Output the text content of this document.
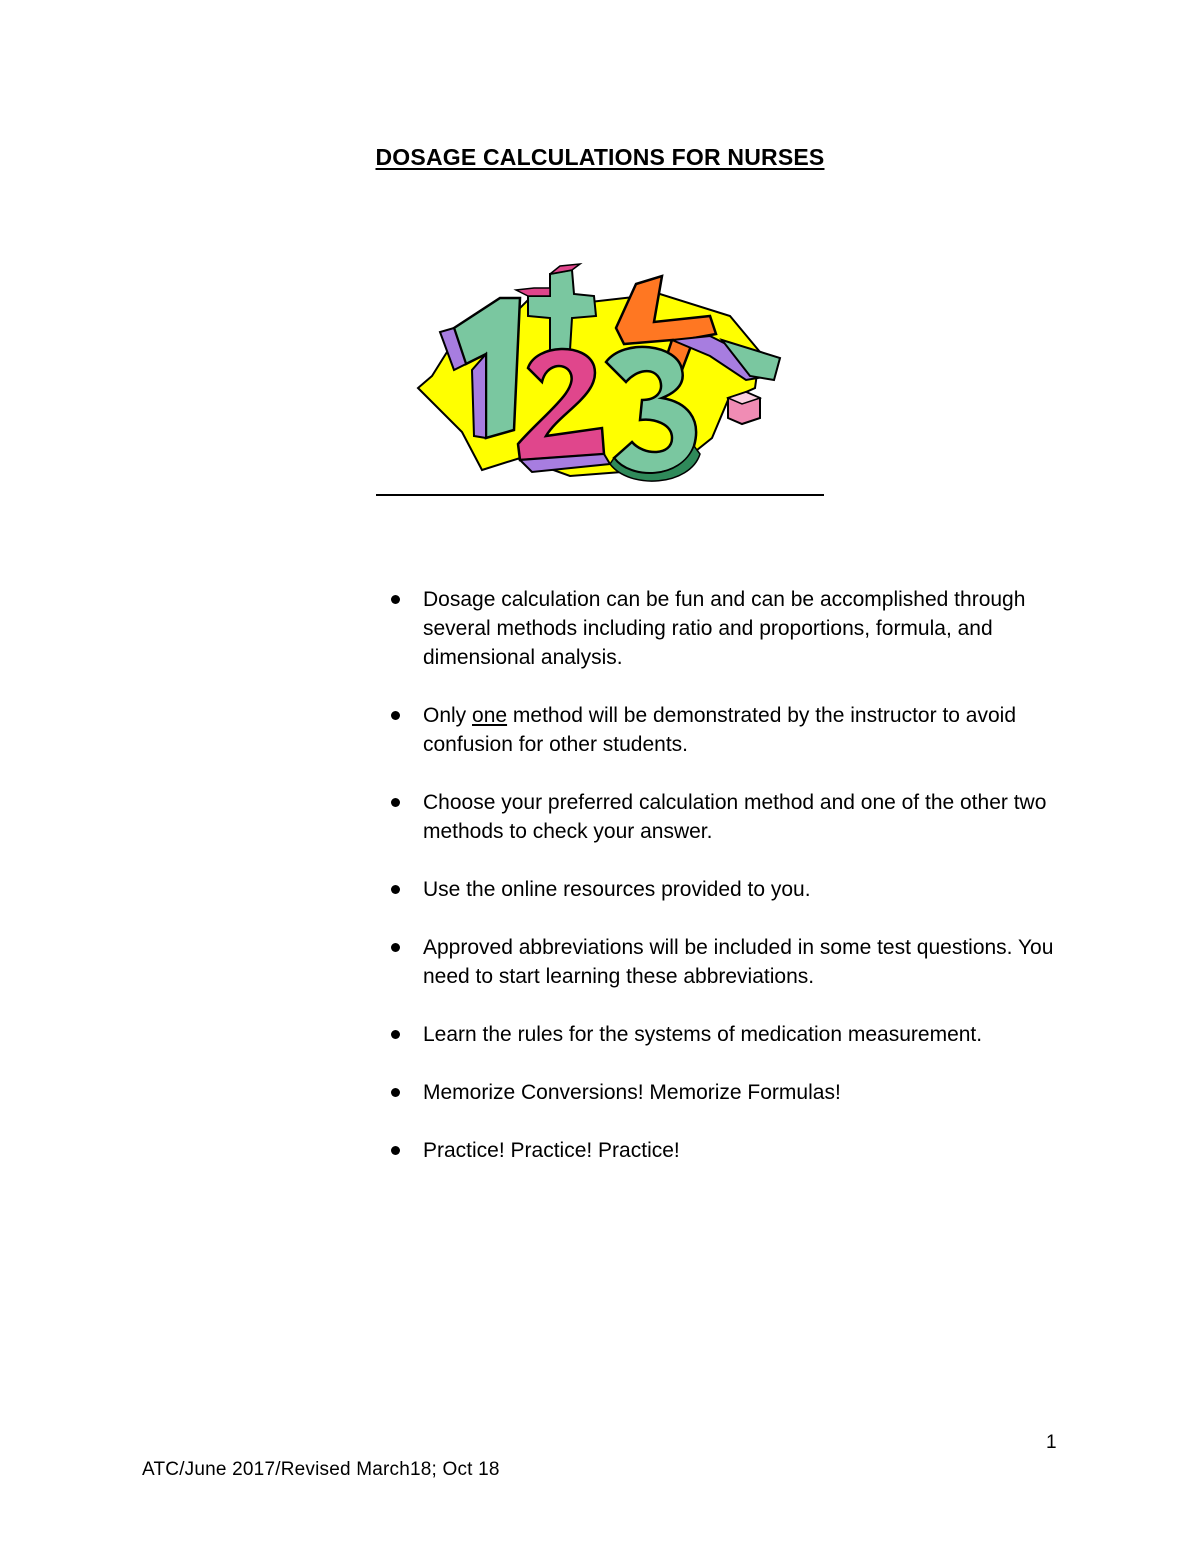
DOSAGE CALCULATIONS FOR NURSES
Dosage calculation can be fun and can be accomplished through several methods including ratio and proportions, formula, and dimensional analysis.
Only one method will be demonstrated by the instructor to avoid confusion for other students.
Choose your preferred calculation method and one of the other two methods to check your answer.
Use the online resources provided to you.
Approved abbreviations will be included in some test questions. You need to start learning these abbreviations.
Learn the rules for the systems of medication measurement.
Memorize Conversions! Memorize Formulas!
Practice! Practice! Practice!
1
ATC/June 2017/Revised March18; Oct 18
